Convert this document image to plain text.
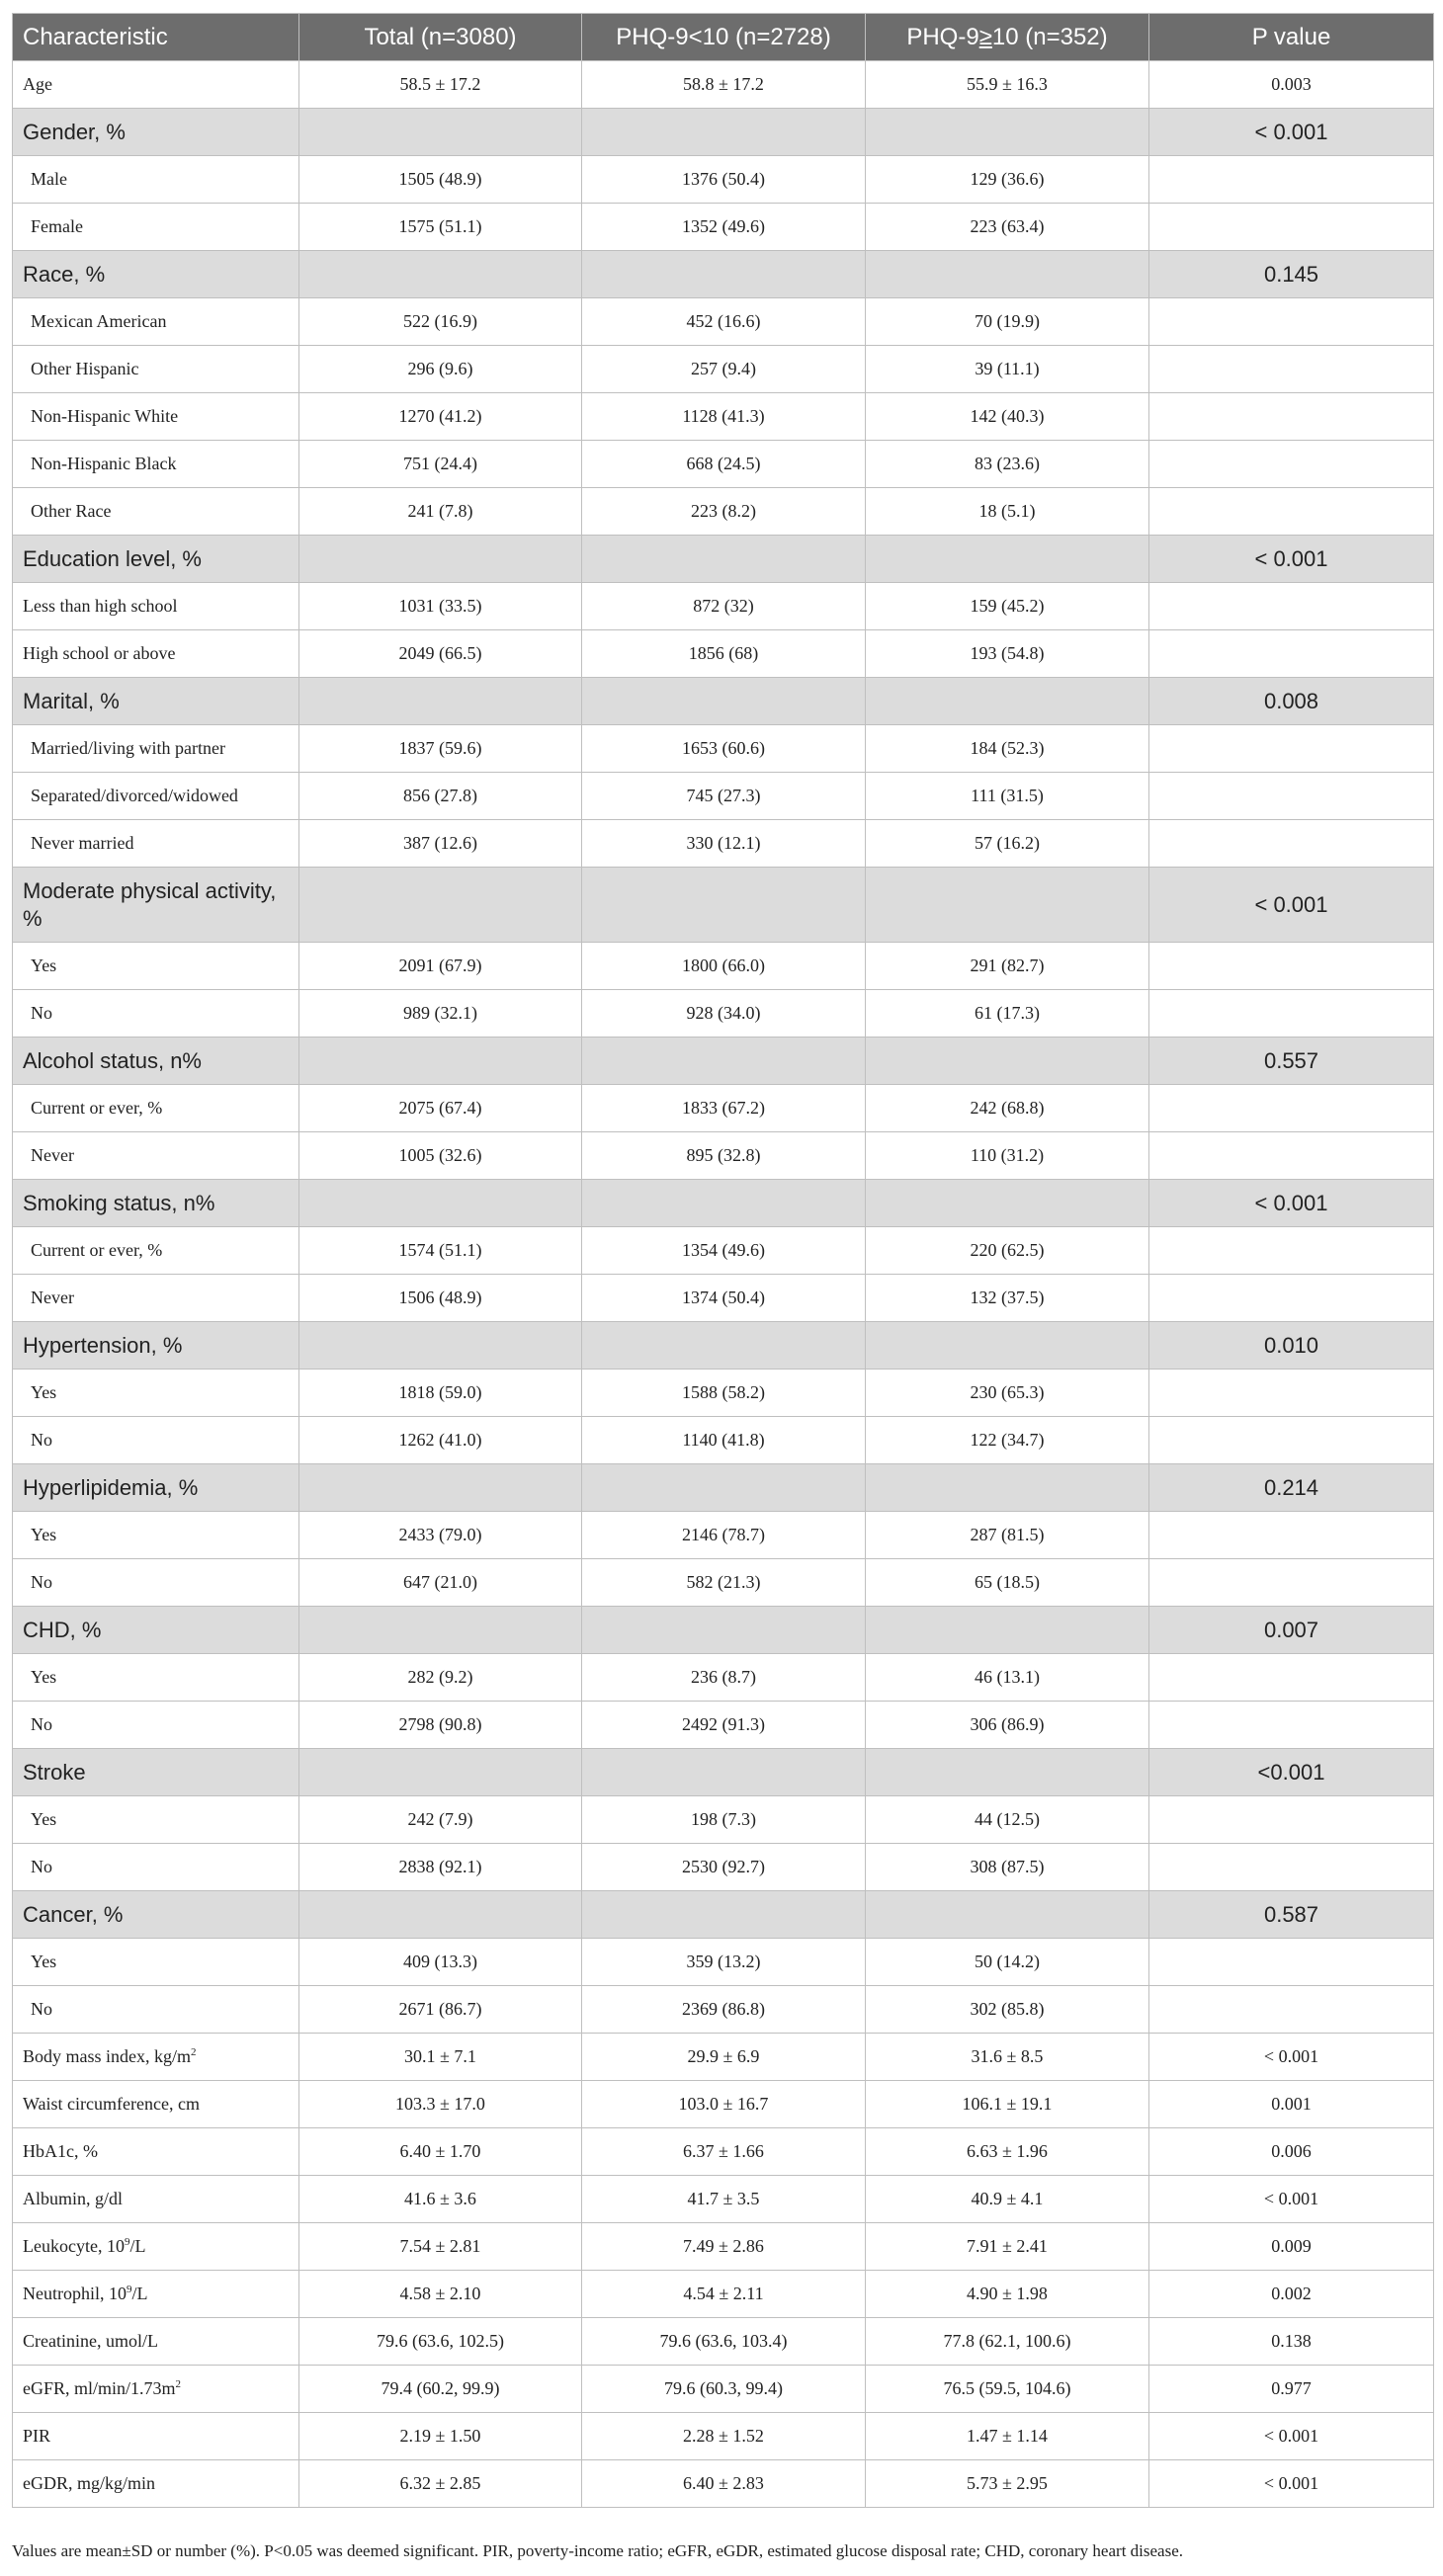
Characteristic	Total (n=3080)	PHQ-9<10 (n=2728)	PHQ-9≥10 (n=352)	P value
Age	58.5 ± 17.2	58.8 ± 17.2	55.9 ± 16.3	0.003
Gender, %				< 0.001
Male	1505 (48.9)	1376 (50.4)	129 (36.6)	
Female	1575 (51.1)	1352 (49.6)	223 (63.4)	
Race, %				0.145
Mexican American	522 (16.9)	452 (16.6)	70 (19.9)	
Other Hispanic	296 (9.6)	257 (9.4)	39 (11.1)	
Non-Hispanic White	1270 (41.2)	1128 (41.3)	142 (40.3)	
Non-Hispanic Black	751 (24.4)	668 (24.5)	83 (23.6)	
Other Race	241 (7.8)	223 (8.2)	18 (5.1)	
Education level, %				< 0.001
Less than high school	1031 (33.5)	872 (32)	159 (45.2)	
High school or above	2049 (66.5)	1856 (68)	193 (54.8)	
Marital, %				0.008
Married/living with partner	1837 (59.6)	1653 (60.6)	184 (52.3)	
Separated/divorced/widowed	856 (27.8)	745 (27.3)	111 (31.5)	
Never married	387 (12.6)	330 (12.1)	57 (16.2)	
Moderate physical activity, %				< 0.001
Yes	2091 (67.9)	1800 (66.0)	291 (82.7)	
No	989 (32.1)	928 (34.0)	61 (17.3)	
Alcohol status, n%				0.557
Current or ever, %	2075 (67.4)	1833 (67.2)	242 (68.8)	
Never	1005 (32.6)	895 (32.8)	110 (31.2)	
Smoking status, n%				< 0.001
Current or ever, %	1574 (51.1)	1354 (49.6)	220 (62.5)	
Never	1506 (48.9)	1374 (50.4)	132 (37.5)	
Hypertension, %				0.010
Yes	1818 (59.0)	1588 (58.2)	230 (65.3)	
No	1262 (41.0)	1140 (41.8)	122 (34.7)	
Hyperlipidemia, %				0.214
Yes	2433 (79.0)	2146 (78.7)	287 (81.5)	
No	647 (21.0)	582 (21.3)	65 (18.5)	
CHD, %				0.007
Yes	282 (9.2)	236 (8.7)	46 (13.1)	
No	2798 (90.8)	2492 (91.3)	306 (86.9)	
Stroke				<0.001
Yes	242 (7.9)	198 (7.3)	44 (12.5)	
No	2838 (92.1)	2530 (92.7)	308 (87.5)	
Cancer, %				0.587
Yes	409 (13.3)	359 (13.2)	50 (14.2)	
No	2671 (86.7)	2369 (86.8)	302 (85.8)	
Body mass index, $kg/m^2$	30.1 ± 7.1	29.9 ± 6.9	31.6 ± 8.5	< 0.001
Waist circumference, cm	103.3 ± 17.0	103.0 ± 16.7	106.1 ± 19.1	0.001
HbA1c, %	6.40 ± 1.70	6.37 ± 1.66	6.63 ± 1.96	0.006
Albumin, g/dl	41.6 ± 3.6	41.7 ± 3.5	40.9 ± 4.1	< 0.001
Leukocyte, $10^9/L$	7.54 ± 2.81	7.49 ± 2.86	7.91 ± 2.41	0.009
Neutrophil, $10^9/L$	4.58 ± 2.10	4.54 ± 2.11	4.90 ± 1.98	0.002
Creatinine, umol/L	79.6 (63.6, 102.5)	79.6 (63.6, 103.4)	77.8 (62.1, 100.6)	0.138
eGFR, $ml/\min/1.73m^2$	79.4 (60.2, 99.9)	79.6 (60.3, 99.4)	76.5 (59.5, 104.6)	0.977
PIR	2.19 ± 1.50	2.28 ± 1.52	1.47 ± 1.14	< 0.001
eGDR, mg/kg/min	6.32 ± 2.85	6.40 ± 2.83	5.73 ± 2.95	< 0.001
Values are mean±SD or number (%). P<0.05 was deemed significant. PIR, poverty-income ratio; eGFR, eGDR, estimated glucose disposal rate; CHD, coronary heart disease.
